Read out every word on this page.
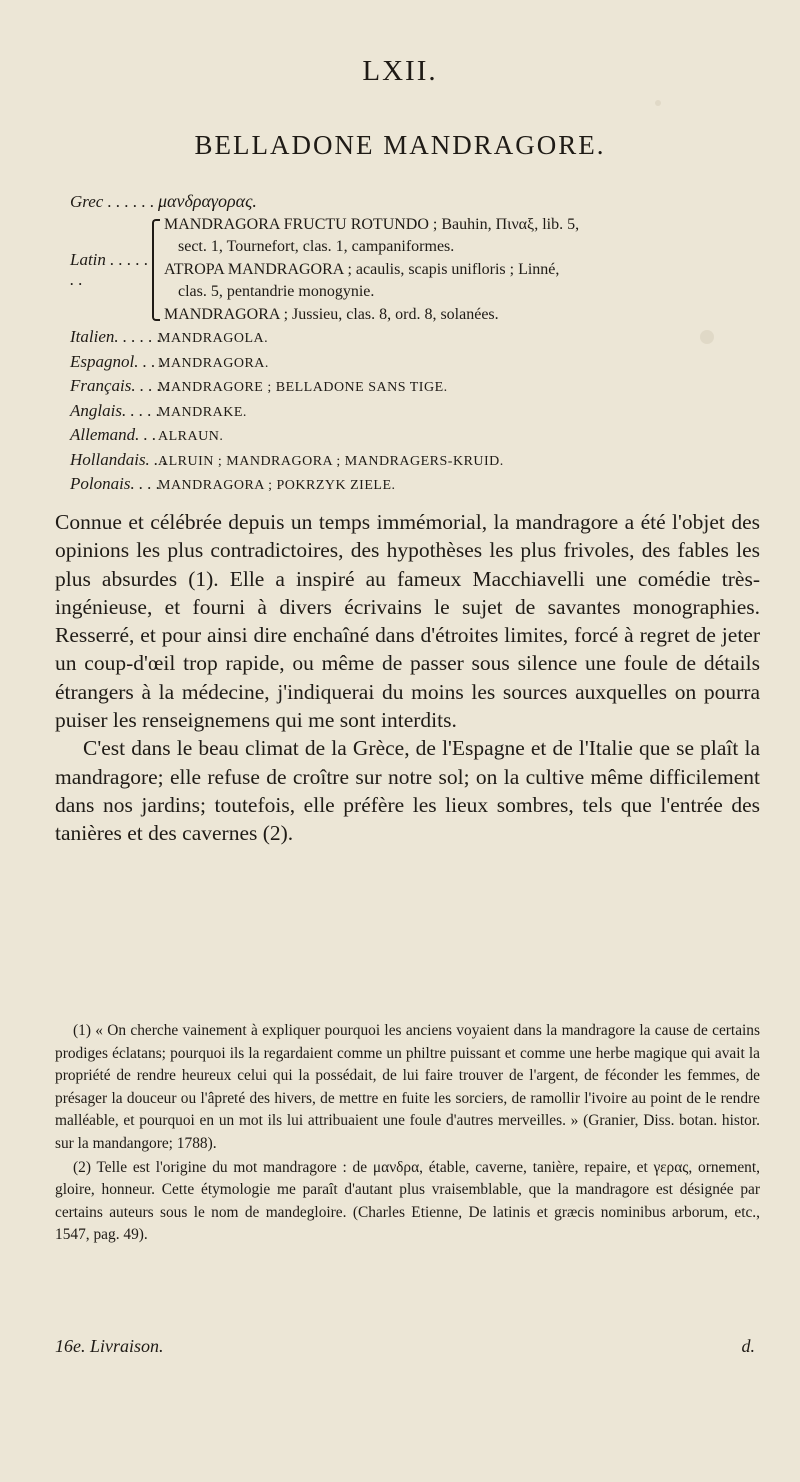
LXII.
BELLADONE MANDRAGORE.
Grec . . . . . . .
μανδραγορας.
Latin . . . . . . .
MANDRAGORA FRUCTU ROTUNDO ; Bauhin, Πιναξ, lib. 5,
sect. 1, Tournefort, clas. 1, campaniformes.
ATROPA MANDRAGORA ; acaulis, scapis unifloris ; Linné,
clas. 5, pentandrie monogynie.
MANDRAGORA ; Jussieu, clas. 8, ord. 8, solanées.
Italien. . . . . .
MANDRAGOLA.
Espagnol. . . .
MANDRAGORA.
Français. . . . .
MANDRAGORE ; BELLADONE SANS TIGE.
Anglais. . . . .
MANDRAKE.
Allemand. . . ALRAUN.
Hollandais. . .
ALRUIN ; MANDRAGORA ; MANDRAGERS-KRUID.
Polonais. . . .
MANDRAGORA ; POKRZYK ZIELE.

Connue et célébrée depuis un temps immémorial, la mandragore a été l'objet des opinions les plus contradictoires, des hypothèses les plus frivoles, des fables les plus absurdes (1). Elle a inspiré au fameux Macchiavelli une comédie très-ingénieuse, et fourni à divers écrivains le sujet de savantes monographies. Resserré, et pour ainsi dire enchaîné dans d'étroites limites, forcé à regret de jeter un coup-d'œil trop rapide, ou même de passer sous silence une foule de détails étrangers à la médecine, j'indiquerai du moins les sources auxquelles on pourra puiser les renseignemens qui me sont interdits.

C'est dans le beau climat de la Grèce, de l'Espagne et de l'Italie que se plaît la mandragore; elle refuse de croître sur notre sol; on la cultive même difficilement dans nos jardins; toutefois, elle préfère les lieux sombres, tels que l'entrée des tanières et des cavernes (2).

(1) « On cherche vainement à expliquer pourquoi les anciens voyaient dans la mandragore la cause de certains prodiges éclatans; pourquoi ils la regardaient comme un philtre puissant et comme une herbe magique qui avait la propriété de rendre heureux celui qui la possédait, de lui faire trouver de l'argent, de féconder les femmes, de présager la douceur ou l'âpreté des hivers, de mettre en fuite les sorciers, de ramollir l'ivoire au point de le rendre malléable, et pourquoi en un mot ils lui attribuaient une foule d'autres merveilles. » (Granier, Diss. botan. histor. sur la mandangore; 1788).

(2) Telle est l'origine du mot mandragore : de μανδρα, étable, caverne, tanière, repaire, et γερας, ornement, gloire, honneur. Cette étymologie me paraît d'autant plus vraisemblable, que la mandragore est désignée par certains auteurs sous le nom de mandegloire. (Charles Etienne, De latinis et græcis nominibus arborum, etc., 1547, pag. 49).

16e. Livraison.	d.
